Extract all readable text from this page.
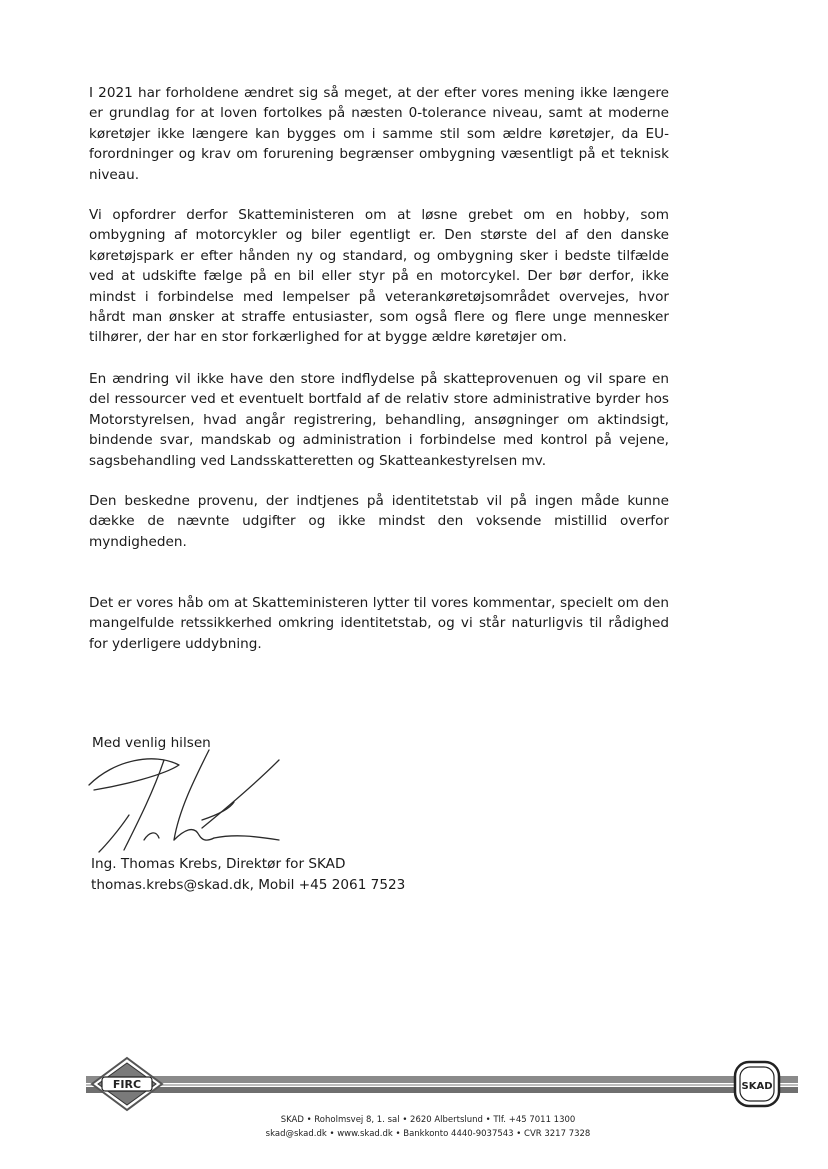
I 2021 har forholdene ændret sig så meget, at der efter vores mening ikke længere er grundlag for at loven fortolkes på næsten 0-tolerance niveau, samt at moderne køretøjer ikke længere kan bygges om i samme stil som ældre køretøjer, da EU-forordninger og krav om forurening begrænser ombygning væsentligt på et teknisk niveau.

Vi opfordrer derfor Skatteministeren om at løsne grebet om en hobby, som ombygning af motorcykler og biler egentligt er. Den største del af den danske køretøjspark er efter hånden ny og standard, og ombygning sker i bedste tilfælde ved at udskifte fælge på en bil eller styr på en motorcykel. Der bør derfor, ikke mindst i forbindelse med lempelser på veterankøretøjsområdet overvejes, hvor hårdt man ønsker at straffe entusiaster, som også flere og flere unge mennesker tilhører, der har en stor forkærlighed for at bygge ældre køretøjer om.

En ændring vil ikke have den store indflydelse på skatteprovenuen og vil spare en del ressourcer ved et eventuelt bortfald af de relativ store administrative byrder hos Motorstyrelsen, hvad angår registrering, behandling, ansøgninger om aktindsigt, bindende svar, mandskab og administration i forbindelse med kontrol på vejene, sagsbehandling ved Landsskatteretten og Skatteankestyrelsen mv.

Den beskedne provenu, der indtjenes på identitetstab vil på ingen måde kunne dække de nævnte udgifter og ikke mindst den voksende mistillid overfor myndigheden.

Det er vores håb om at Skatteministeren lytter til vores kommentar, specielt om den mangelfulde retssikkerhed omkring identitetstab, og vi står naturligvis til rådighed for yderligere uddybning.

Med venlig hilsen

Ing. Thomas Krebs, Direktør for SKAD
thomas.krebs@skad.dk, Mobil +45 2061 7523
FIRC	SKAD
SKAD • Roholmsvej 8, 1. sal • 2620 Albertslund • Tlf. +45 7011 1300
skad@skad.dk • www.skad.dk • Bankkonto 4440-9037543 • CVR 3217 7328
